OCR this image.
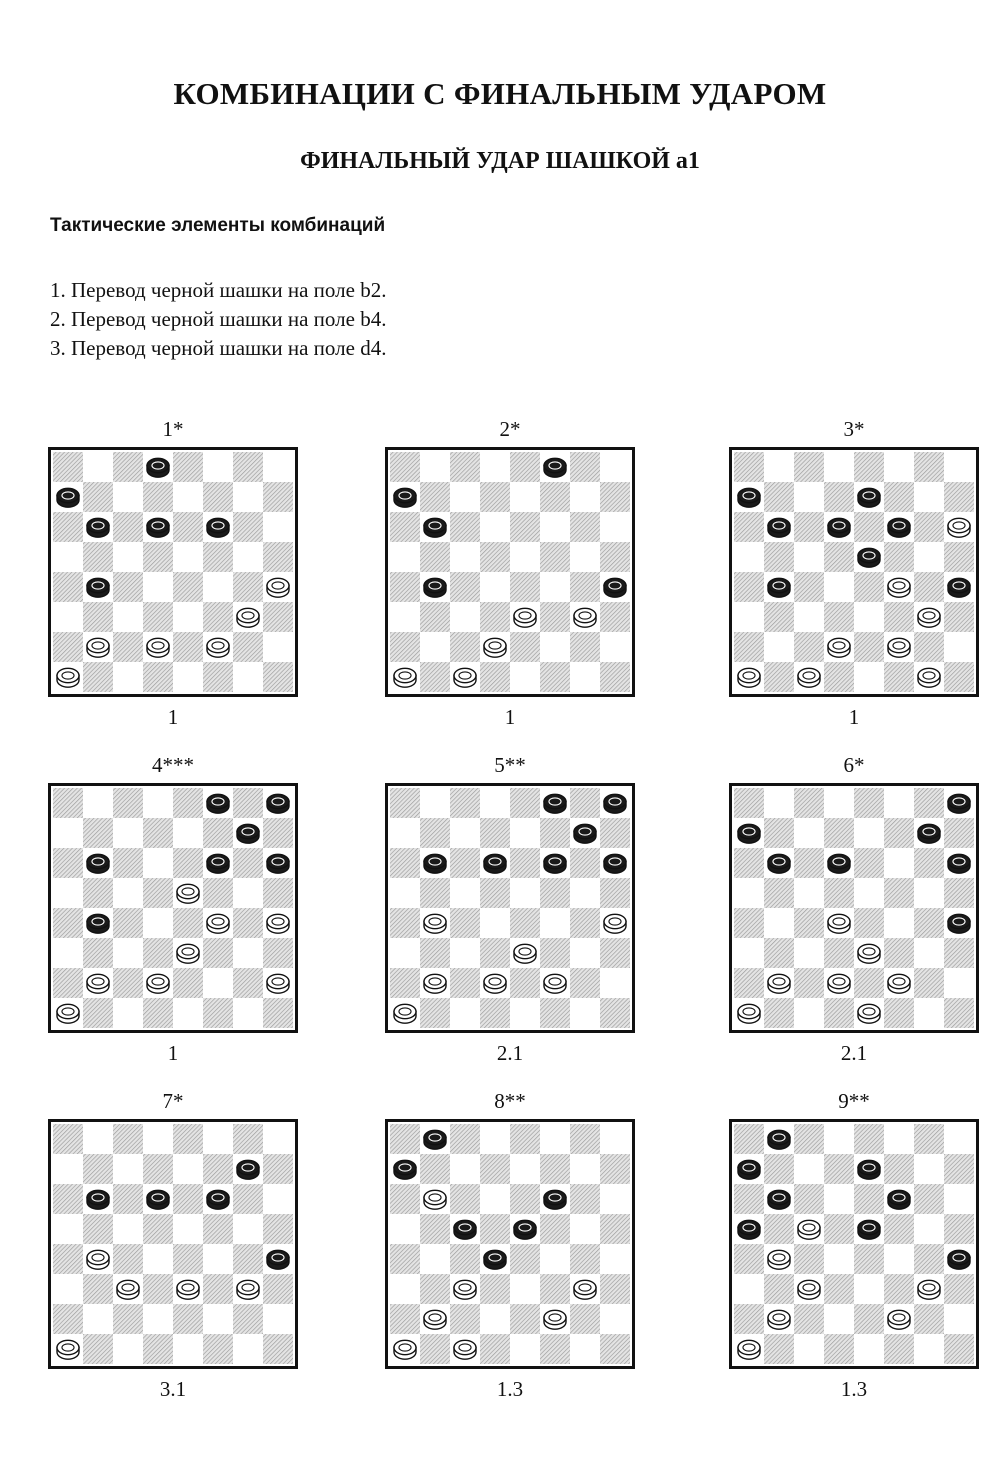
КОМБИНАЦИИ С ФИНАЛЬНЫМ УДАРОМ
ФИНАЛЬНЫЙ УДАР ШАШКОЙ a1
Тактические элементы комбинаций
1. Перевод черной шашки на поле b2.
2. Перевод черной шашки на поле b4.
3. Перевод черной шашки на поле d4.
1*
1
2*
1
3*
1
4***
1
5**
2.1
6*
2.1
7*
3.1
8**
1.3
9**
1.3
